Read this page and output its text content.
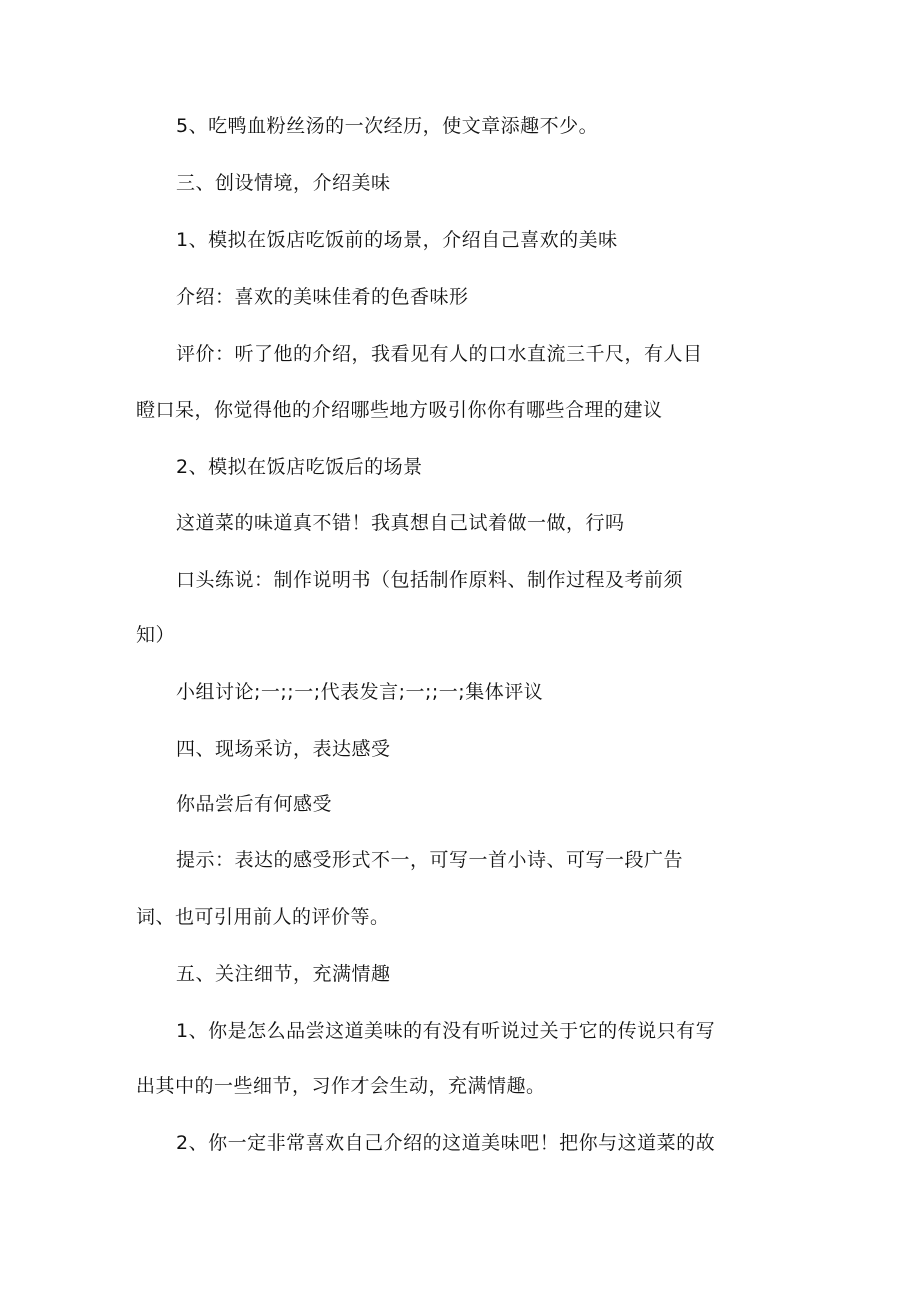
5、吃鸭血粉丝汤的一次经历，使文章添趣不少。
三、创设情境，介绍美味
1、模拟在饭店吃饭前的场景，介绍自己喜欢的美味
介绍：喜欢的美味佳肴的色香味形
评价：听了他的介绍，我看见有人的口水直流三千尺，有人目
瞪口呆，你觉得他的介绍哪些地方吸引你你有哪些合理的建议
2、模拟在饭店吃饭后的场景
这道菜的味道真不错！我真想自己试着做一做，行吗
口头练说：制作说明书（包括制作原料、制作过程及考前须
知）
小组讨论;一;;一;代表发言;一;;一;集体评议
四、现场采访，表达感受
你品尝后有何感受
提示：表达的感受形式不一，可写一首小诗、可写一段广告
词、也可引用前人的评价等。
五、关注细节，充满情趣
1、你是怎么品尝这道美味的有没有听说过关于它的传说只有写
出其中的一些细节，习作才会生动，充满情趣。
2、你一定非常喜欢自己介绍的这道美味吧！把你与这道菜的故
